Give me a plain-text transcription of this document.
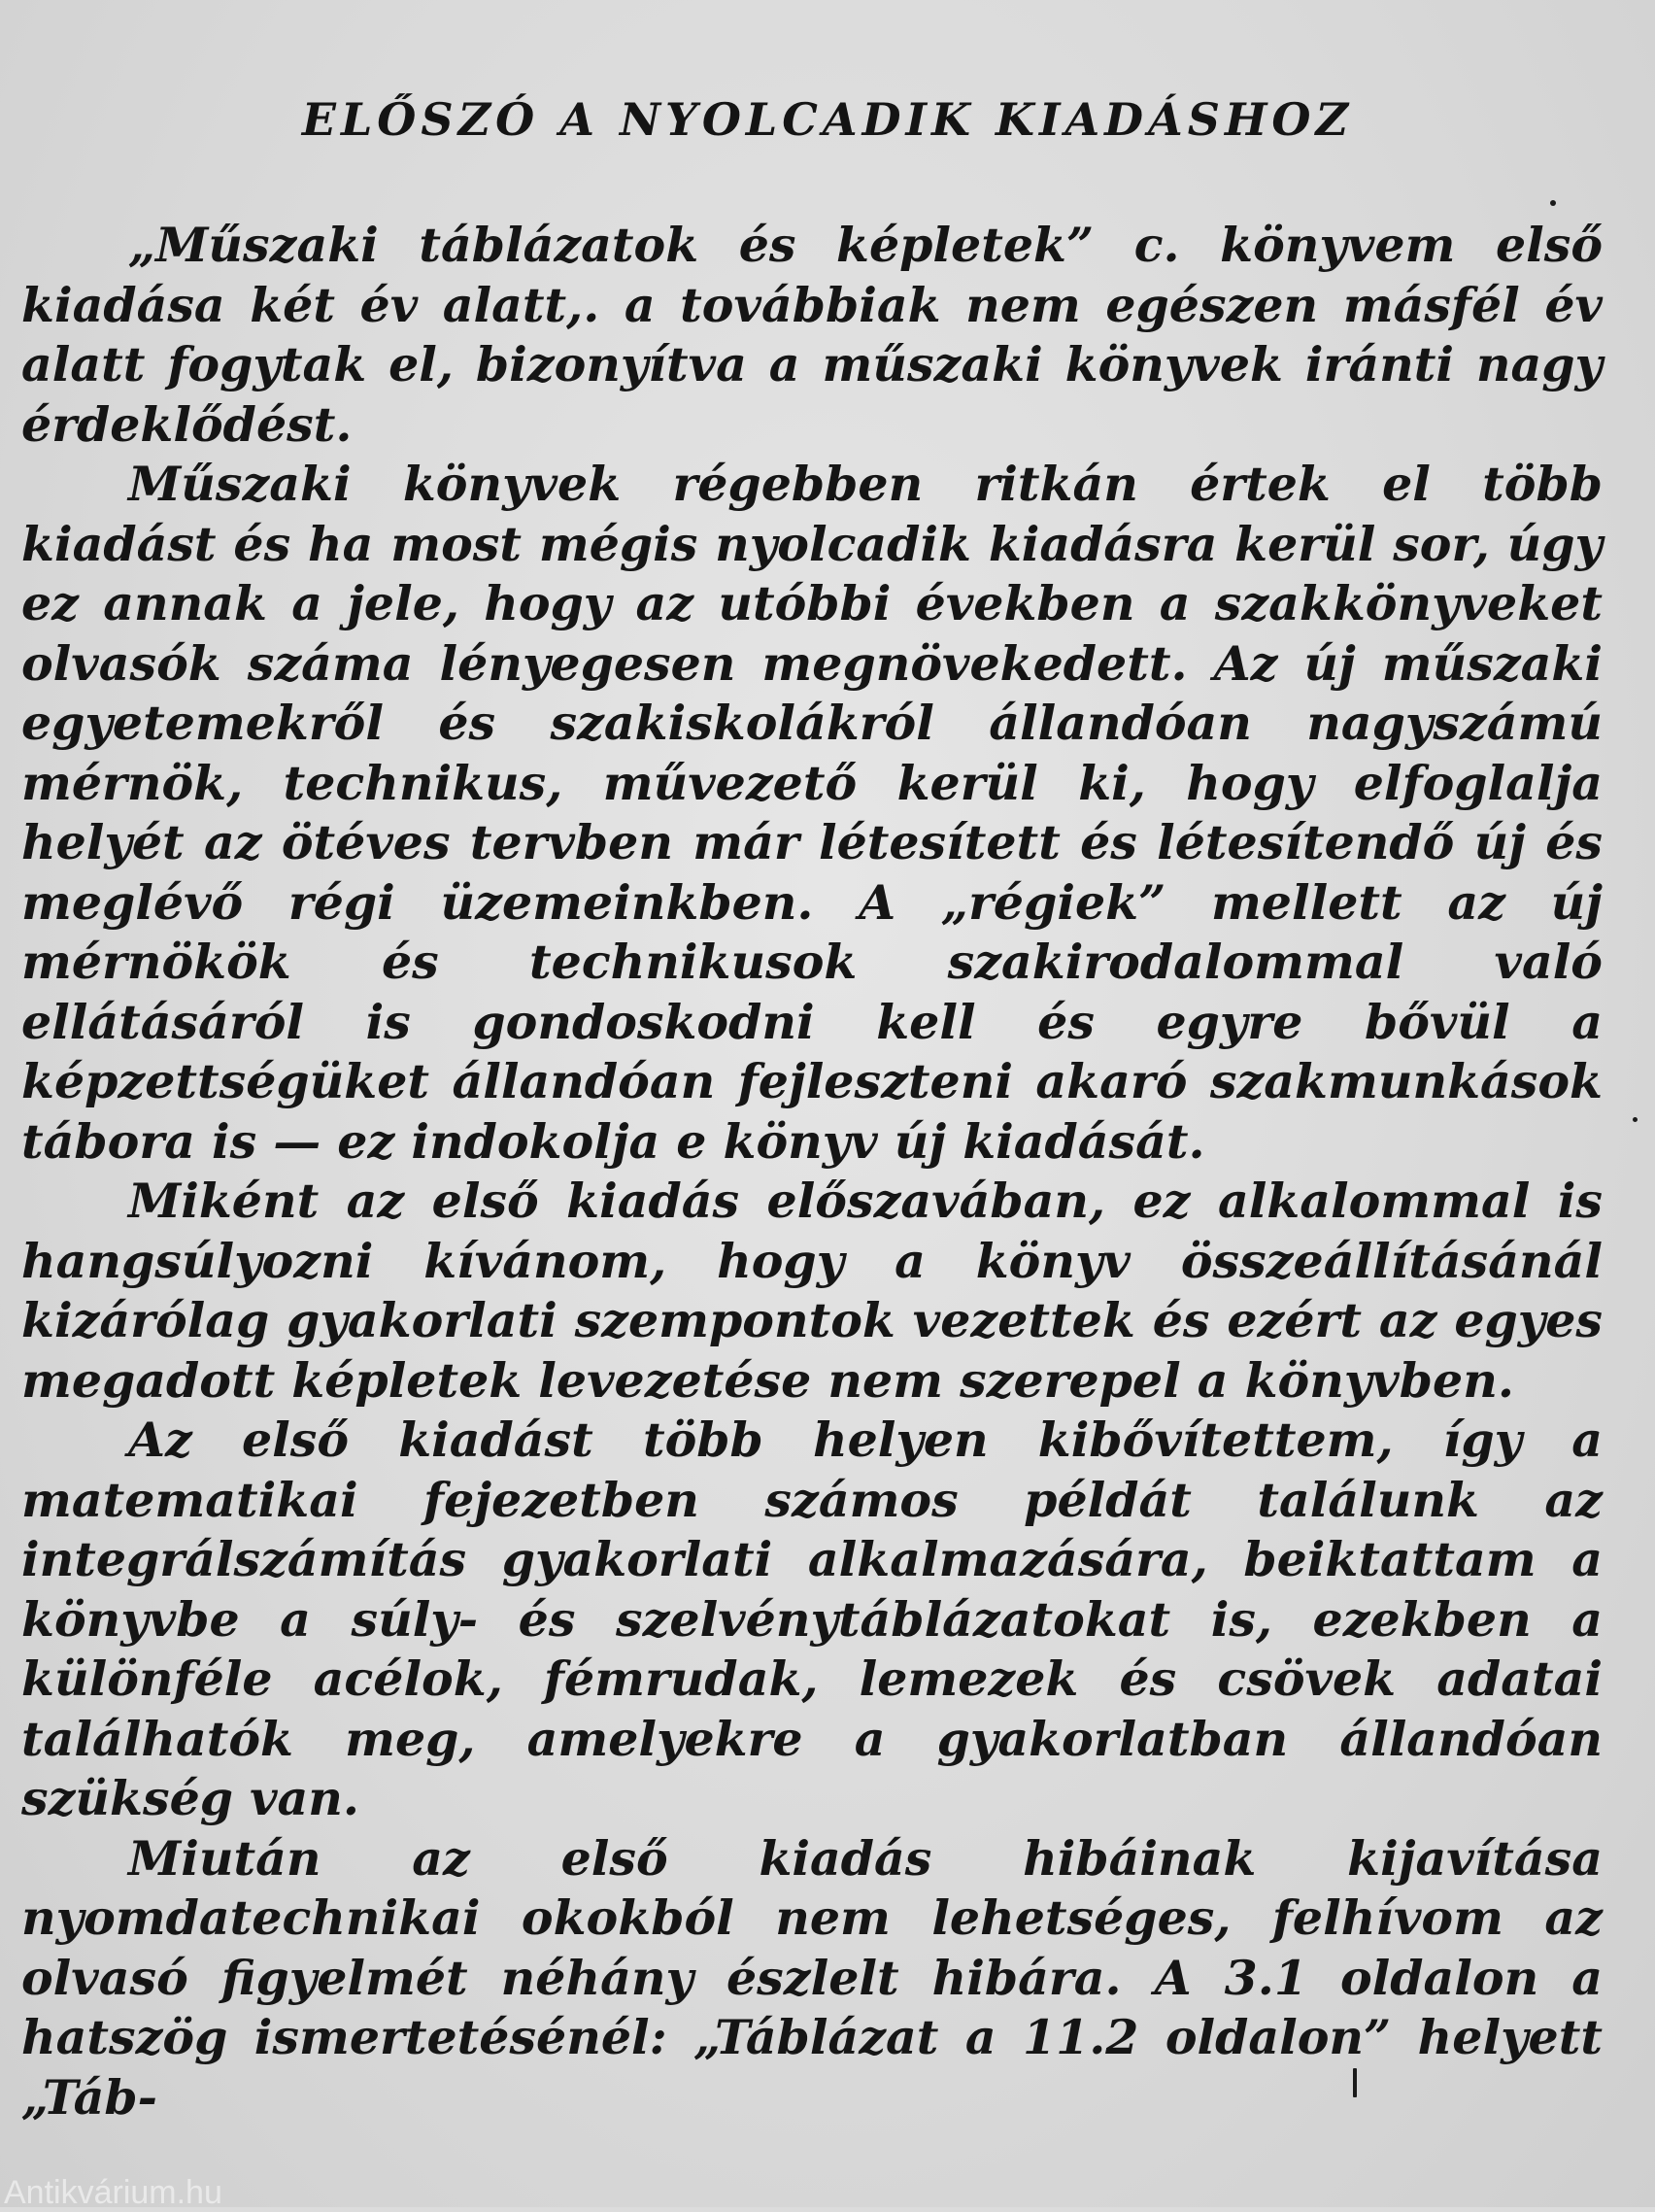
ELŐSZÓ A NYOLCADIK KIADÁSHOZ

„Műszaki táblázatok és képletek” c. könyvem első kiadása két év alatt,. a továbbiak nem egészen másfél év alatt fogytak el, bizonyítva a műszaki könyvek iránti nagy érdeklődést.

Műszaki könyvek régebben ritkán értek el több kiadást és ha most mégis nyolcadik kiadásra kerül sor, úgy ez annak a jele, hogy az utóbbi években a szakkönyveket olvasók száma lényegesen megnövekedett. Az új műszaki egyetemekről és szakiskolákról állandóan nagyszámú mérnök, technikus, művezető kerül ki, hogy elfoglalja helyét az ötéves tervben már létesített és létesítendő új és meglévő régi üzemeinkben. A „régiek” mellett az új mérnökök és technikusok szakirodalommal való ellátásáról is gondoskodni kell és egyre bővül a képzettségüket állandóan fejleszteni akaró szakmunkások tábora is — ez indokolja e könyv új kiadását.

Miként az első kiadás előszavában, ez alkalommal is hangsúlyozni kívánom, hogy a könyv összeállításánál kizárólag gyakorlati szempontok vezettek és ezért az egyes megadott képletek levezetése nem szerepel a könyvben.

Az első kiadást több helyen kibővítettem, így a matematikai fejezetben számos példát találunk az integrálszámítás gyakorlati alkalmazására, beiktattam a könyvbe a súly- és szelvénytáblázatokat is, ezekben a különféle acélok, fémrudak, lemezek és csövek adatai találhatók meg, amelyekre a gyakorlatban állandóan szükség van.

Miután az első kiadás hibáinak kijavítása nyomdatechnikai okokból nem lehetséges, felhívom az olvasó figyelmét néhány észlelt hibára. A 3.1 oldalon a hatszög ismertetésénél: „Táblázat a 11.2 oldalon” helyett „Táb-

Antikvárium.hu
